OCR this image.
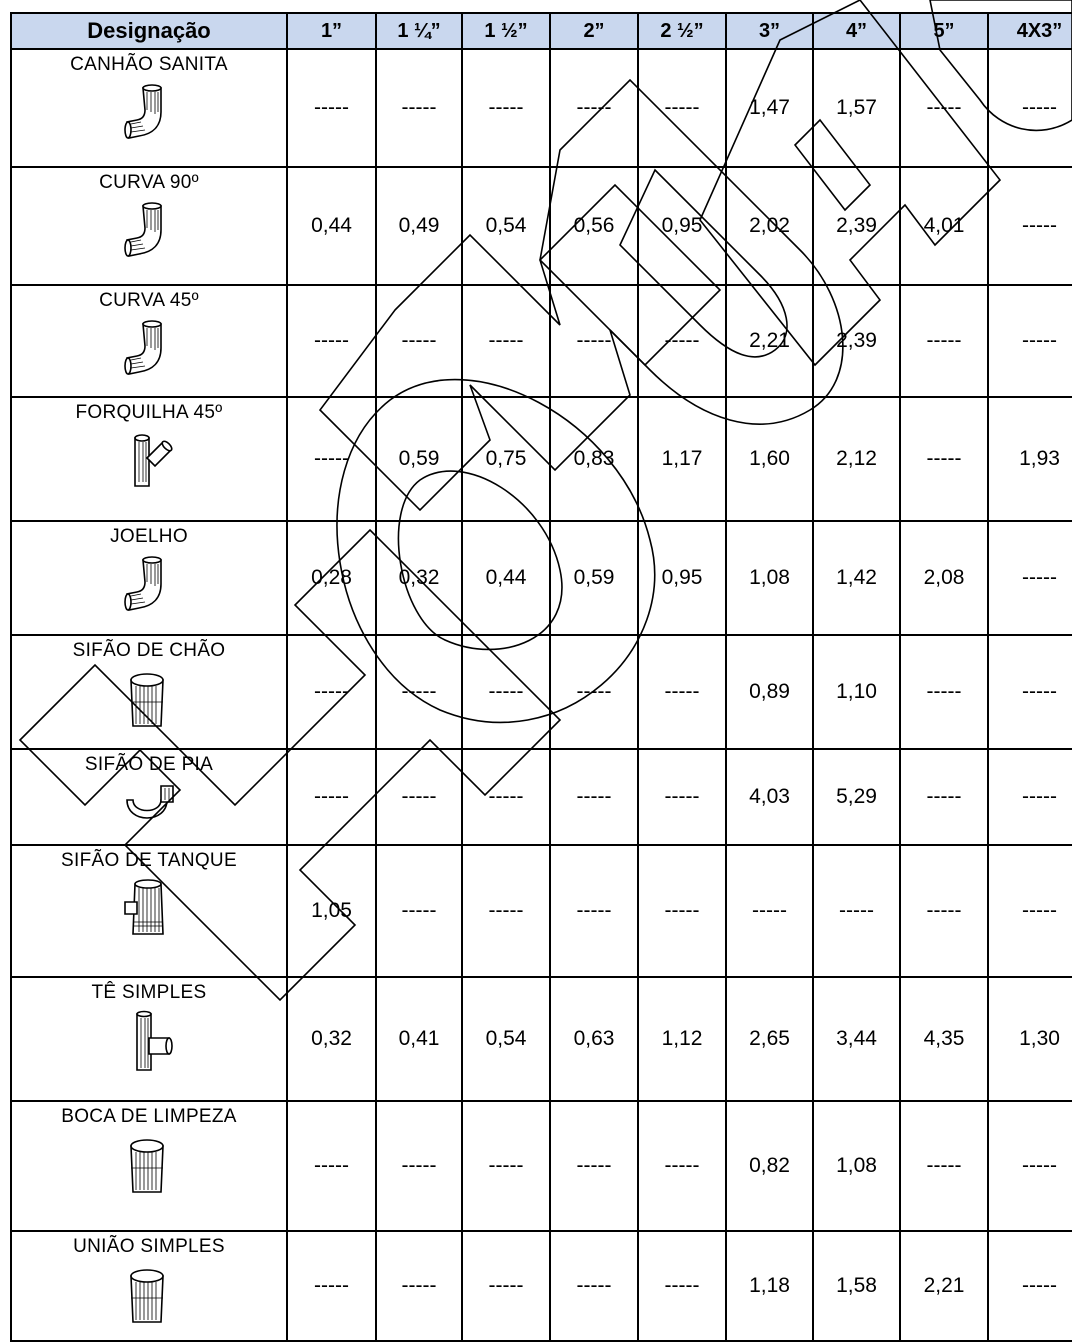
Designação	1”	1 ¼”	1 ½”	2”	2 ½”	3”	4”	5”	4X3”

CANHÃO SANITA	-----	-----	-----	-----	-----	1,47	1,57	-----	-----

CURVA 90º	0,44	0,49	0,54	0,56	0,95	2,02	2,39	4,01	-----

CURVA 45º	-----	-----	-----	-----	-----	2,21	2,39	-----	-----

FORQUILHA 45º	-----	0,59	0,75	0,83	1,17	1,60	2,12	-----	1,93

JOELHO	0,28	0,32	0,44	0,59	0,95	1,08	1,42	2,08	-----

SIFÃO DE CHÃO	-----	-----	-----	-----	-----	0,89	1,10	-----	-----

SIFÃO DE PIA	-----	-----	-----	-----	-----	4,03	5,29	-----	-----

SIFÃO DE TANQUE	1,05	-----	-----	-----	-----	-----	-----	-----	-----

TÊ SIMPLES	0,32	0,41	0,54	0,63	1,12	2,65	3,44	4,35	1,30

BOCA DE LIMPEZA	-----	-----	-----	-----	-----	0,82	1,08	-----	-----

UNIÃO SIMPLES	-----	-----	-----	-----	-----	1,18	1,58	2,21	-----
